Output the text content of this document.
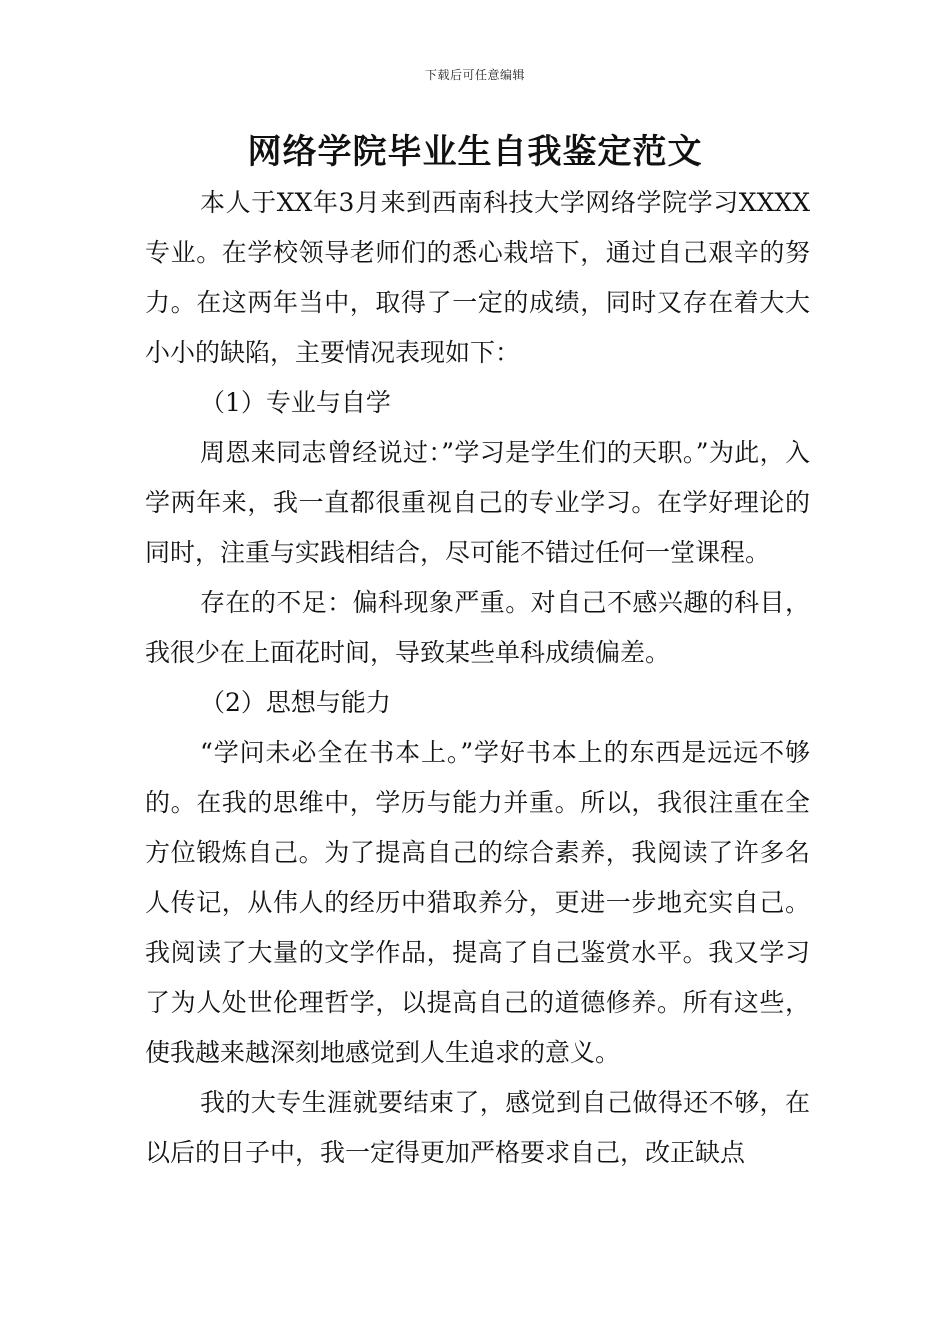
下载后可任意编辑
网络学院毕业生自我鉴定范文

本人于XX年3月来到西南科技大学网络学院学习XXXX专业。在学校领导老师们的悉心栽培下，通过自己艰辛的努力。在这两年当中，取得了一定的成绩，同时又存在着大大小小的缺陷，主要情况表现如下：

（1）专业与自学

周恩来同志曾经说过：”学习是学生们的天职。”为此，入学两年来，我一直都很重视自己的专业学习。在学好理论的同时，注重与实践相结合，尽可能不错过任何一堂课程。

存在的不足：偏科现象严重。对自己不感兴趣的科目，我很少在上面花时间，导致某些单科成绩偏差。

（2）思想与能力

“学问未必全在书本上。”学好书本上的东西是远远不够的。在我的思维中，学历与能力并重。所以，我很注重在全方位锻炼自己。为了提高自己的综合素养，我阅读了许多名人传记，从伟人的经历中猎取养分，更进一步地充实自己。我阅读了大量的文学作品，提高了自己鉴赏水平。我又学习了为人处世伦理哲学，以提高自己的道德修养。所有这些，使我越来越深刻地感觉到人生追求的意义。

我的大专生涯就要结束了，感觉到自己做得还不够，在以后的日子中，我一定得更加严格要求自己，改正缺点
